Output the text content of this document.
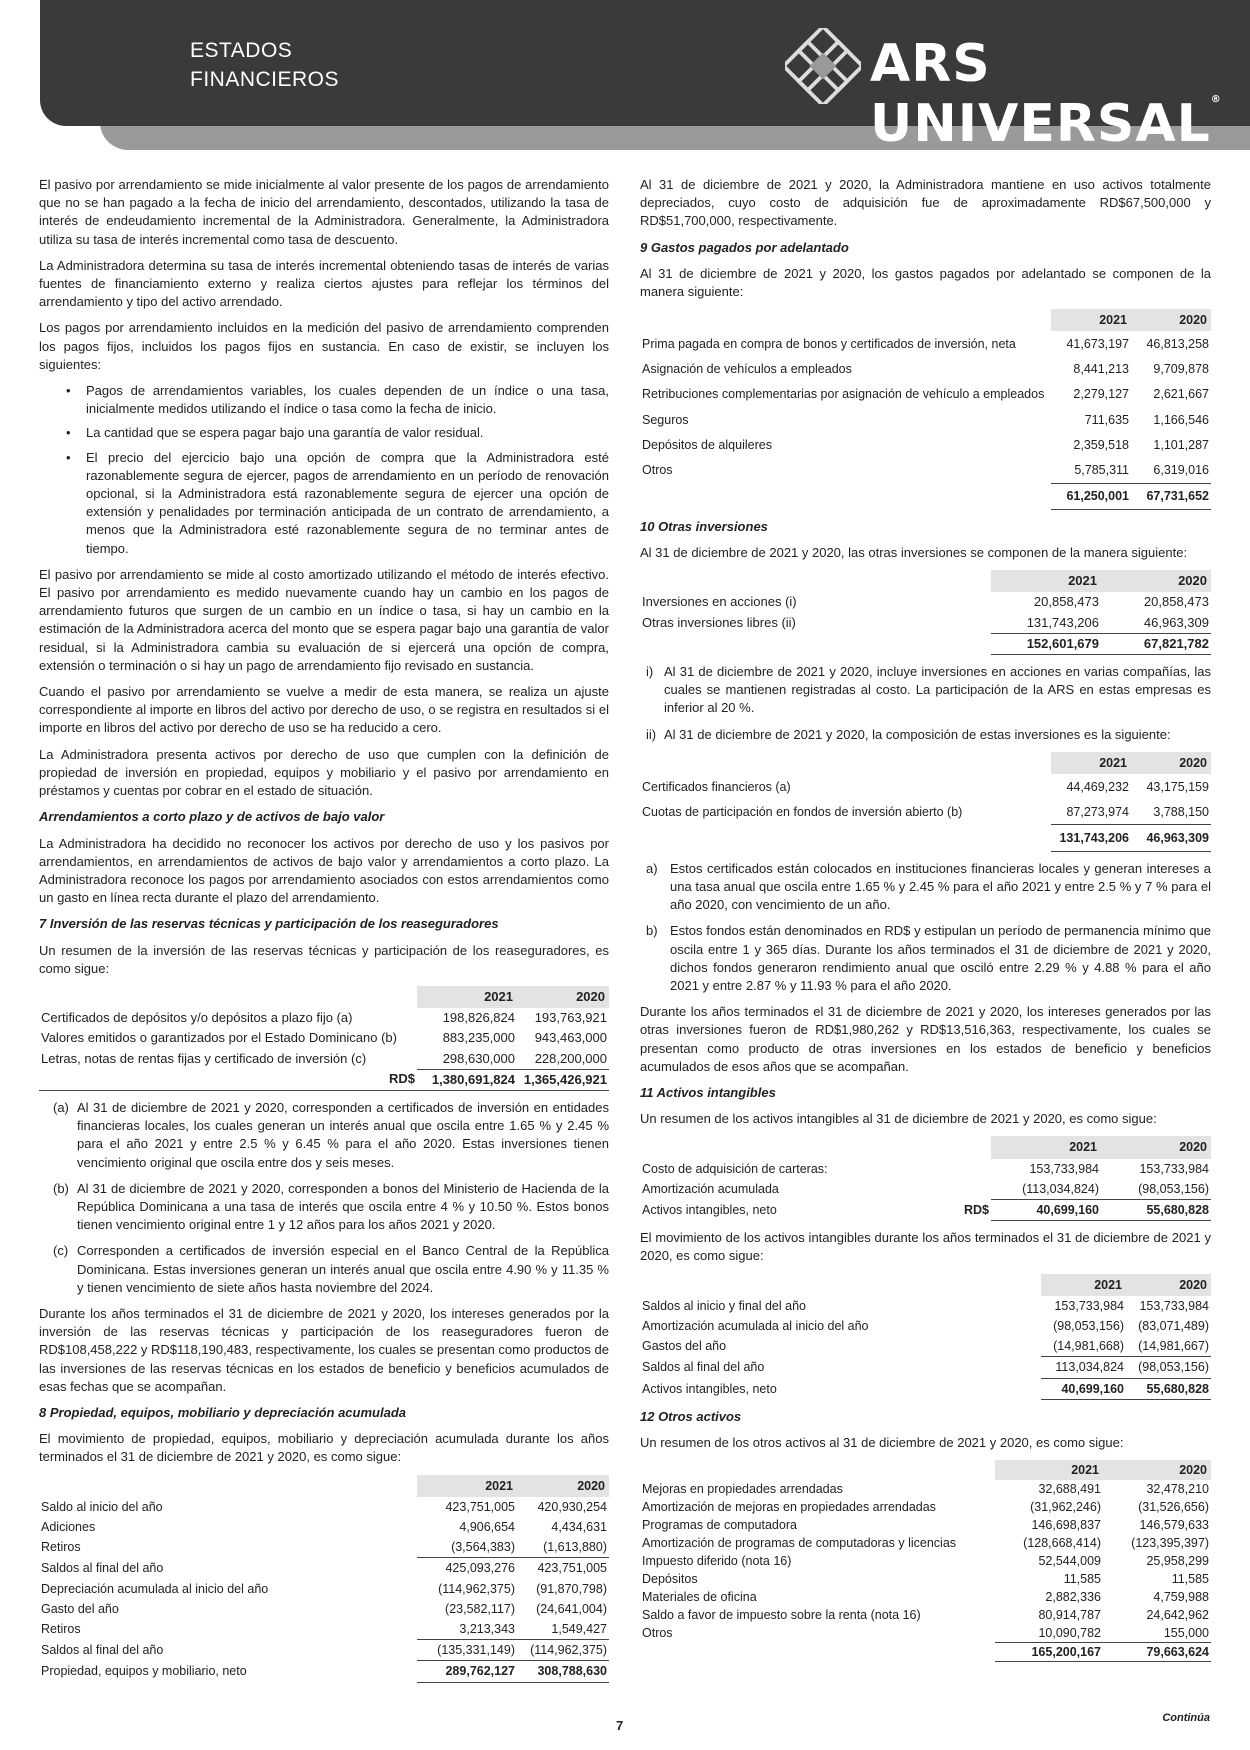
ESTADOS
FINANCIEROS	ARS UNIVERSAL®

El pasivo por arrendamiento se mide inicialmente al valor presente de los pagos de arrendamiento que no se han pagado a la fecha de inicio del arrendamiento, descontados, utilizando la tasa de interés de endeudamiento incremental de la Administradora. Generalmente, la Administradora utiliza su tasa de interés incremental como tasa de descuento.

La Administradora determina su tasa de interés incremental obteniendo tasas de interés de varias fuentes de financiamiento externo y realiza ciertos ajustes para reflejar los términos del arrendamiento y tipo del activo arrendado.

Los pagos por arrendamiento incluidos en la medición del pasivo de arrendamiento comprenden los pagos fijos, incluidos los pagos fijos en sustancia. En caso de existir, se incluyen los siguientes:

• Pagos de arrendamientos variables, los cuales dependen de un índice o una tasa, inicialmente medidos utilizando el índice o tasa como la fecha de inicio.
• La cantidad que se espera pagar bajo una garantía de valor residual.
• El precio del ejercicio bajo una opción de compra que la Administradora esté razonablemente segura de ejercer, pagos de arrendamiento en un período de renovación opcional, si la Administradora está razonablemente segura de ejercer una opción de extensión y penalidades por terminación anticipada de un contrato de arrendamiento, a menos que la Administradora esté razonablemente segura de no terminar antes de tiempo.

El pasivo por arrendamiento se mide al costo amortizado utilizando el método de interés efectivo. El pasivo por arrendamiento es medido nuevamente cuando hay un cambio en los pagos de arrendamiento futuros que surgen de un cambio en un índice o tasa, si hay un cambio en la estimación de la Administradora acerca del monto que se espera pagar bajo una garantía de valor residual, si la Administradora cambia su evaluación de si ejercerá una opción de compra, extensión o terminación o si hay un pago de arrendamiento fijo revisado en sustancia.

Cuando el pasivo por arrendamiento se vuelve a medir de esta manera, se realiza un ajuste correspondiente al importe en libros del activo por derecho de uso, o se registra en resultados si el importe en libros del activo por derecho de uso se ha reducido a cero.

La Administradora presenta activos por derecho de uso que cumplen con la definición de propiedad de inversión en propiedad, equipos y mobiliario y el pasivo por arrendamiento en préstamos y cuentas por cobrar en el estado de situación.

Arrendamientos a corto plazo y de activos de bajo valor

La Administradora ha decidido no reconocer los activos por derecho de uso y los pasivos por arrendamientos, en arrendamientos de activos de bajo valor y arrendamientos a corto plazo. La Administradora reconoce los pagos por arrendamiento asociados con estos arrendamientos como un gasto en línea recta durante el plazo del arrendamiento.

7 Inversión de las reservas técnicas y participación de los reaseguradores

Un resumen de la inversión de las reservas técnicas y participación de los reaseguradores, es como sigue:

	2021	2020
Certificados de depósitos y/o depósitos a plazo fijo (a)	198,826,824	193,763,921
Valores emitidos o garantizados por el Estado Dominicano (b)	883,235,000	943,463,000
Letras, notas de rentas fijas y certificado de inversión (c)	298,630,000	228,200,000
RD$	1,380,691,824	1,365,426,921
(a) Al 31 de diciembre de 2021 y 2020, corresponden a certificados de inversión en entidades financieras locales, los cuales generan un interés anual que oscila entre 1.65 % y 2.45 % para el año 2021 y entre 2.5 % y 6.45 % para el año 2020. Estas inversiones tienen vencimiento original que oscila entre dos y seis meses.
(b) Al 31 de diciembre de 2021 y 2020, corresponden a bonos del Ministerio de Hacienda de la República Dominicana a una tasa de interés que oscila entre 4 % y 10.50 %. Estos bonos tienen vencimiento original entre 1 y 12 años para los años 2021 y 2020.
(c) Corresponden a certificados de inversión especial en el Banco Central de la República Dominicana. Estas inversiones generan un interés anual que oscila entre 4.90 % y 11.35 % y tienen vencimiento de siete años hasta noviembre del 2024.

Durante los años terminados el 31 de diciembre de 2021 y 2020, los intereses generados por la inversión de las reservas técnicas y participación de los reaseguradores fueron de RD$108,458,222 y RD$118,190,483, respectivamente, los cuales se presentan como productos de las inversiones de las reservas técnicas en los estados de beneficio y beneficios acumulados de esas fechas que se acompañan.

8 Propiedad, equipos, mobiliario y depreciación acumulada

El movimiento de propiedad, equipos, mobiliario y depreciación acumulada durante los años terminados el 31 de diciembre de 2021 y 2020, es como sigue:

	2021	2020
Saldo al inicio del año	423,751,005	420,930,254
Adiciones	4,906,654	4,434,631
Retiros	(3,564,383)	(1,613,880)
Saldos al final del año	425,093,276	423,751,005
Depreciación acumulada al inicio del año	(114,962,375)	(91,870,798)
Gasto del año	(23,582,117)	(24,641,004)
Retiros	3,213,343	1,549,427
Saldos al final del año	(135,331,149)	(114,962,375)
Propiedad, equipos y mobiliario, neto	289,762,127	308,788,630

Al 31 de diciembre de 2021 y 2020, la Administradora mantiene en uso activos totalmente depreciados, cuyo costo de adquisición fue de aproximadamente RD$67,500,000 y RD$51,700,000, respectivamente.

9 Gastos pagados por adelantado

Al 31 de diciembre de 2021 y 2020, los gastos pagados por adelantado se componen de la manera siguiente:

	2021	2020
Prima pagada en compra de bonos y certificados de inversión, neta	41,673,197	46,813,258
Asignación de vehículos a empleados	8,441,213	9,709,878
Retribuciones complementarias por asignación de vehículo a empleados	2,279,127	2,621,667
Seguros	711,635	1,166,546
Depósitos de alquileres	2,359,518	1,101,287
Otros	5,785,311	6,319,016
	61,250,001	67,731,652
10 Otras inversiones

Al 31 de diciembre de 2021 y 2020, las otras inversiones se componen de la manera siguiente:

	2021	2020
Inversiones en acciones (i)	20,858,473	20,858,473
Otras inversiones libres (ii)	131,743,206	46,963,309
	152,601,679	67,821,782
i) Al 31 de diciembre de 2021 y 2020, incluye inversiones en acciones en varias compañías, las cuales se mantienen registradas al costo. La participación de la ARS en estas empresas es inferior al 20 %.
ii) Al 31 de diciembre de 2021 y 2020, la composición de estas inversiones es la siguiente:
	2021	2020
Certificados financieros (a)	44,469,232	43,175,159
Cuotas de participación en fondos de inversión abierto (b)	87,273,974	3,788,150
	131,743,206	46,963,309
a) Estos certificados están colocados en instituciones financieras locales y generan intereses a una tasa anual que oscila entre 1.65 % y 2.45 % para el año 2021 y entre 2.5 % y 7 % para el año 2020, con vencimiento de un año.
b) Estos fondos están denominados en RD$ y estipulan un período de permanencia mínimo que oscila entre 1 y 365 días. Durante los años terminados el 31 de diciembre de 2021 y 2020, dichos fondos generaron rendimiento anual que osciló entre 2.29 % y 4.88 % para el año 2021 y entre 2.87 % y 11.93 % para el año 2020.

Durante los años terminados el 31 de diciembre de 2021 y 2020, los intereses generados por las otras inversiones fueron de RD$1,980,262 y RD$13,516,363, respectivamente, los cuales se presentan como producto de otras inversiones en los estados de beneficio y beneficios acumulados de esos años que se acompañan.

11 Activos intangibles

Un resumen de los activos intangibles al 31 de diciembre de 2021 y 2020, es como sigue:

	2021	2020
Costo de adquisición de carteras:	153,733,984	153,733,984
Amortización acumulada	(113,034,824)	(98,053,156)
Activos intangibles, neto RD$	40,699,160	55,680,828

El movimiento de los activos intangibles durante los años terminados el 31 de diciembre de 2021 y 2020, es como sigue:

	2021	2020
Saldos al inicio y final del año	153,733,984	153,733,984
Amortización acumulada al inicio del año	(98,053,156)	(83,071,489)
Gastos del año	(14,981,668)	(14,981,667)
Saldos al final del año	113,034,824	(98,053,156)
Activos intangibles, neto	40,699,160	55,680,828
12 Otros activos

Un resumen de los otros activos al 31 de diciembre de 2021 y 2020, es como sigue:

	2021	2020
Mejoras en propiedades arrendadas	32,688,491	32,478,210
Amortización de mejoras en propiedades arrendadas	(31,962,246)	(31,526,656)
Programas de computadora	146,698,837	146,579,633
Amortización de programas de computadoras y licencias	(128,668,414)	(123,395,397)
Impuesto diferido (nota 16)	52,544,009	25,958,299
Depósitos	11,585	11,585
Materiales de oficina	2,882,336	4,759,988
Saldo a favor de impuesto sobre la renta (nota 16)	80,914,787	24,642,962
Otros	10,090,782	155,000
	165,200,167	79,663,624
7	Continúa
